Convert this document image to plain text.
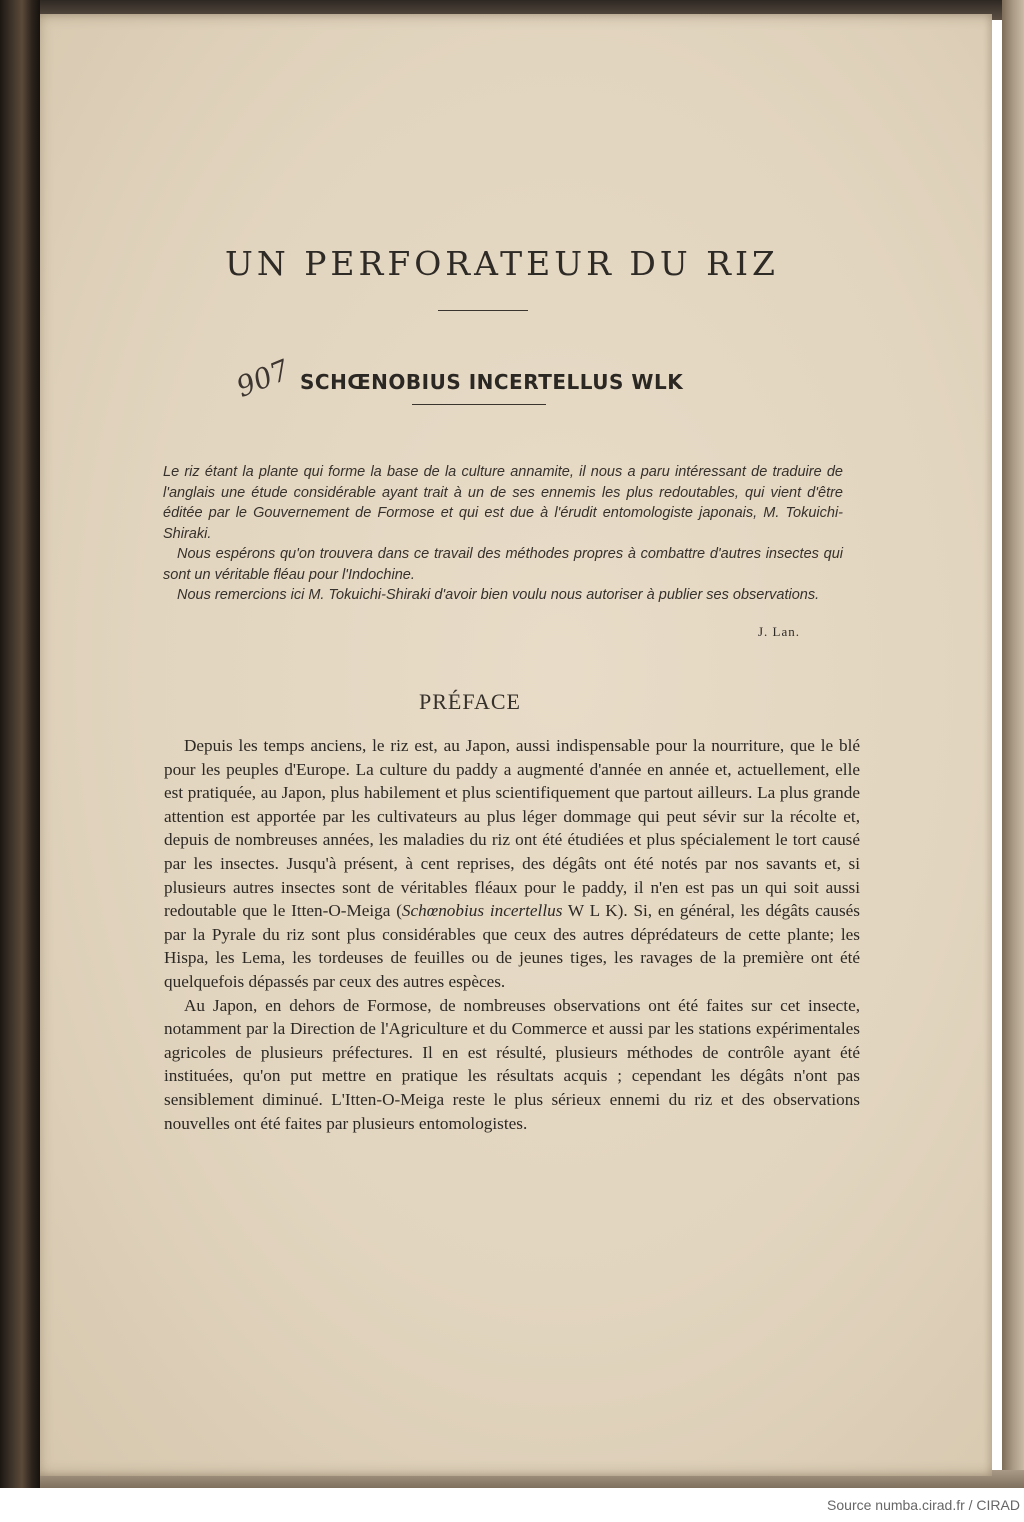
UN PERFORATEUR DU RIZ
907 SCHŒNOBIUS INCERTELLUS WLK

Le riz étant la plante qui forme la base de la culture annamite, il nous a paru intéressant de traduire de l'anglais une étude considérable ayant trait à un de ses ennemis les plus redoutables, qui vient d'être éditée par le Gouvernement de Formose et qui est due à l'érudit entomologiste japonais, M. Tokuichi-Shiraki.

Nous espérons qu'on trouvera dans ce travail des méthodes propres à combattre d'autres insectes qui sont un véritable fléau pour l'Indochine.

Nous remercions ici M. Tokuichi-Shiraki d'avoir bien voulu nous autoriser à publier ses observations.

J. Lan.
PRÉFACE

Depuis les temps anciens, le riz est, au Japon, aussi indispensable pour la nourriture, que le blé pour les peuples d'Europe. La culture du paddy a augmenté d'année en année et, actuellement, elle est pratiquée, au Japon, plus habilement et plus scientifiquement que partout ailleurs. La plus grande attention est apportée par les cultivateurs au plus léger dommage qui peut sévir sur la récolte et, depuis de nombreuses années, les maladies du riz ont été étudiées et plus spécialement le tort causé par les insectes. Jusqu'à présent, à cent reprises, des dégâts ont été notés par nos savants et, si plusieurs autres insectes sont de véritables fléaux pour le paddy, il n'en est pas un qui soit aussi redoutable que le Itten-O-Meiga (Schœnobius incertellus W L K). Si, en général, les dégâts causés par la Pyrale du riz sont plus considérables que ceux des autres déprédateurs de cette plante; les Hispa, les Lema, les tordeuses de feuilles ou de jeunes tiges, les ravages de la première ont été quelquefois dépassés par ceux des autres espèces.

Au Japon, en dehors de Formose, de nombreuses observations ont été faites sur cet insecte, notamment par la Direction de l'Agriculture et du Commerce et aussi par les stations expérimentales agricoles de plusieurs préfectures. Il en est résulté, plusieurs méthodes de contrôle ayant été instituées, qu'on put mettre en pratique les résultats acquis ; cependant les dégâts n'ont pas sensiblement diminué. L'Itten-O-Meiga reste le plus sérieux ennemi du riz et des observations nouvelles ont été faites par plusieurs entomologistes.

Source numba.cirad.fr / CIRAD
